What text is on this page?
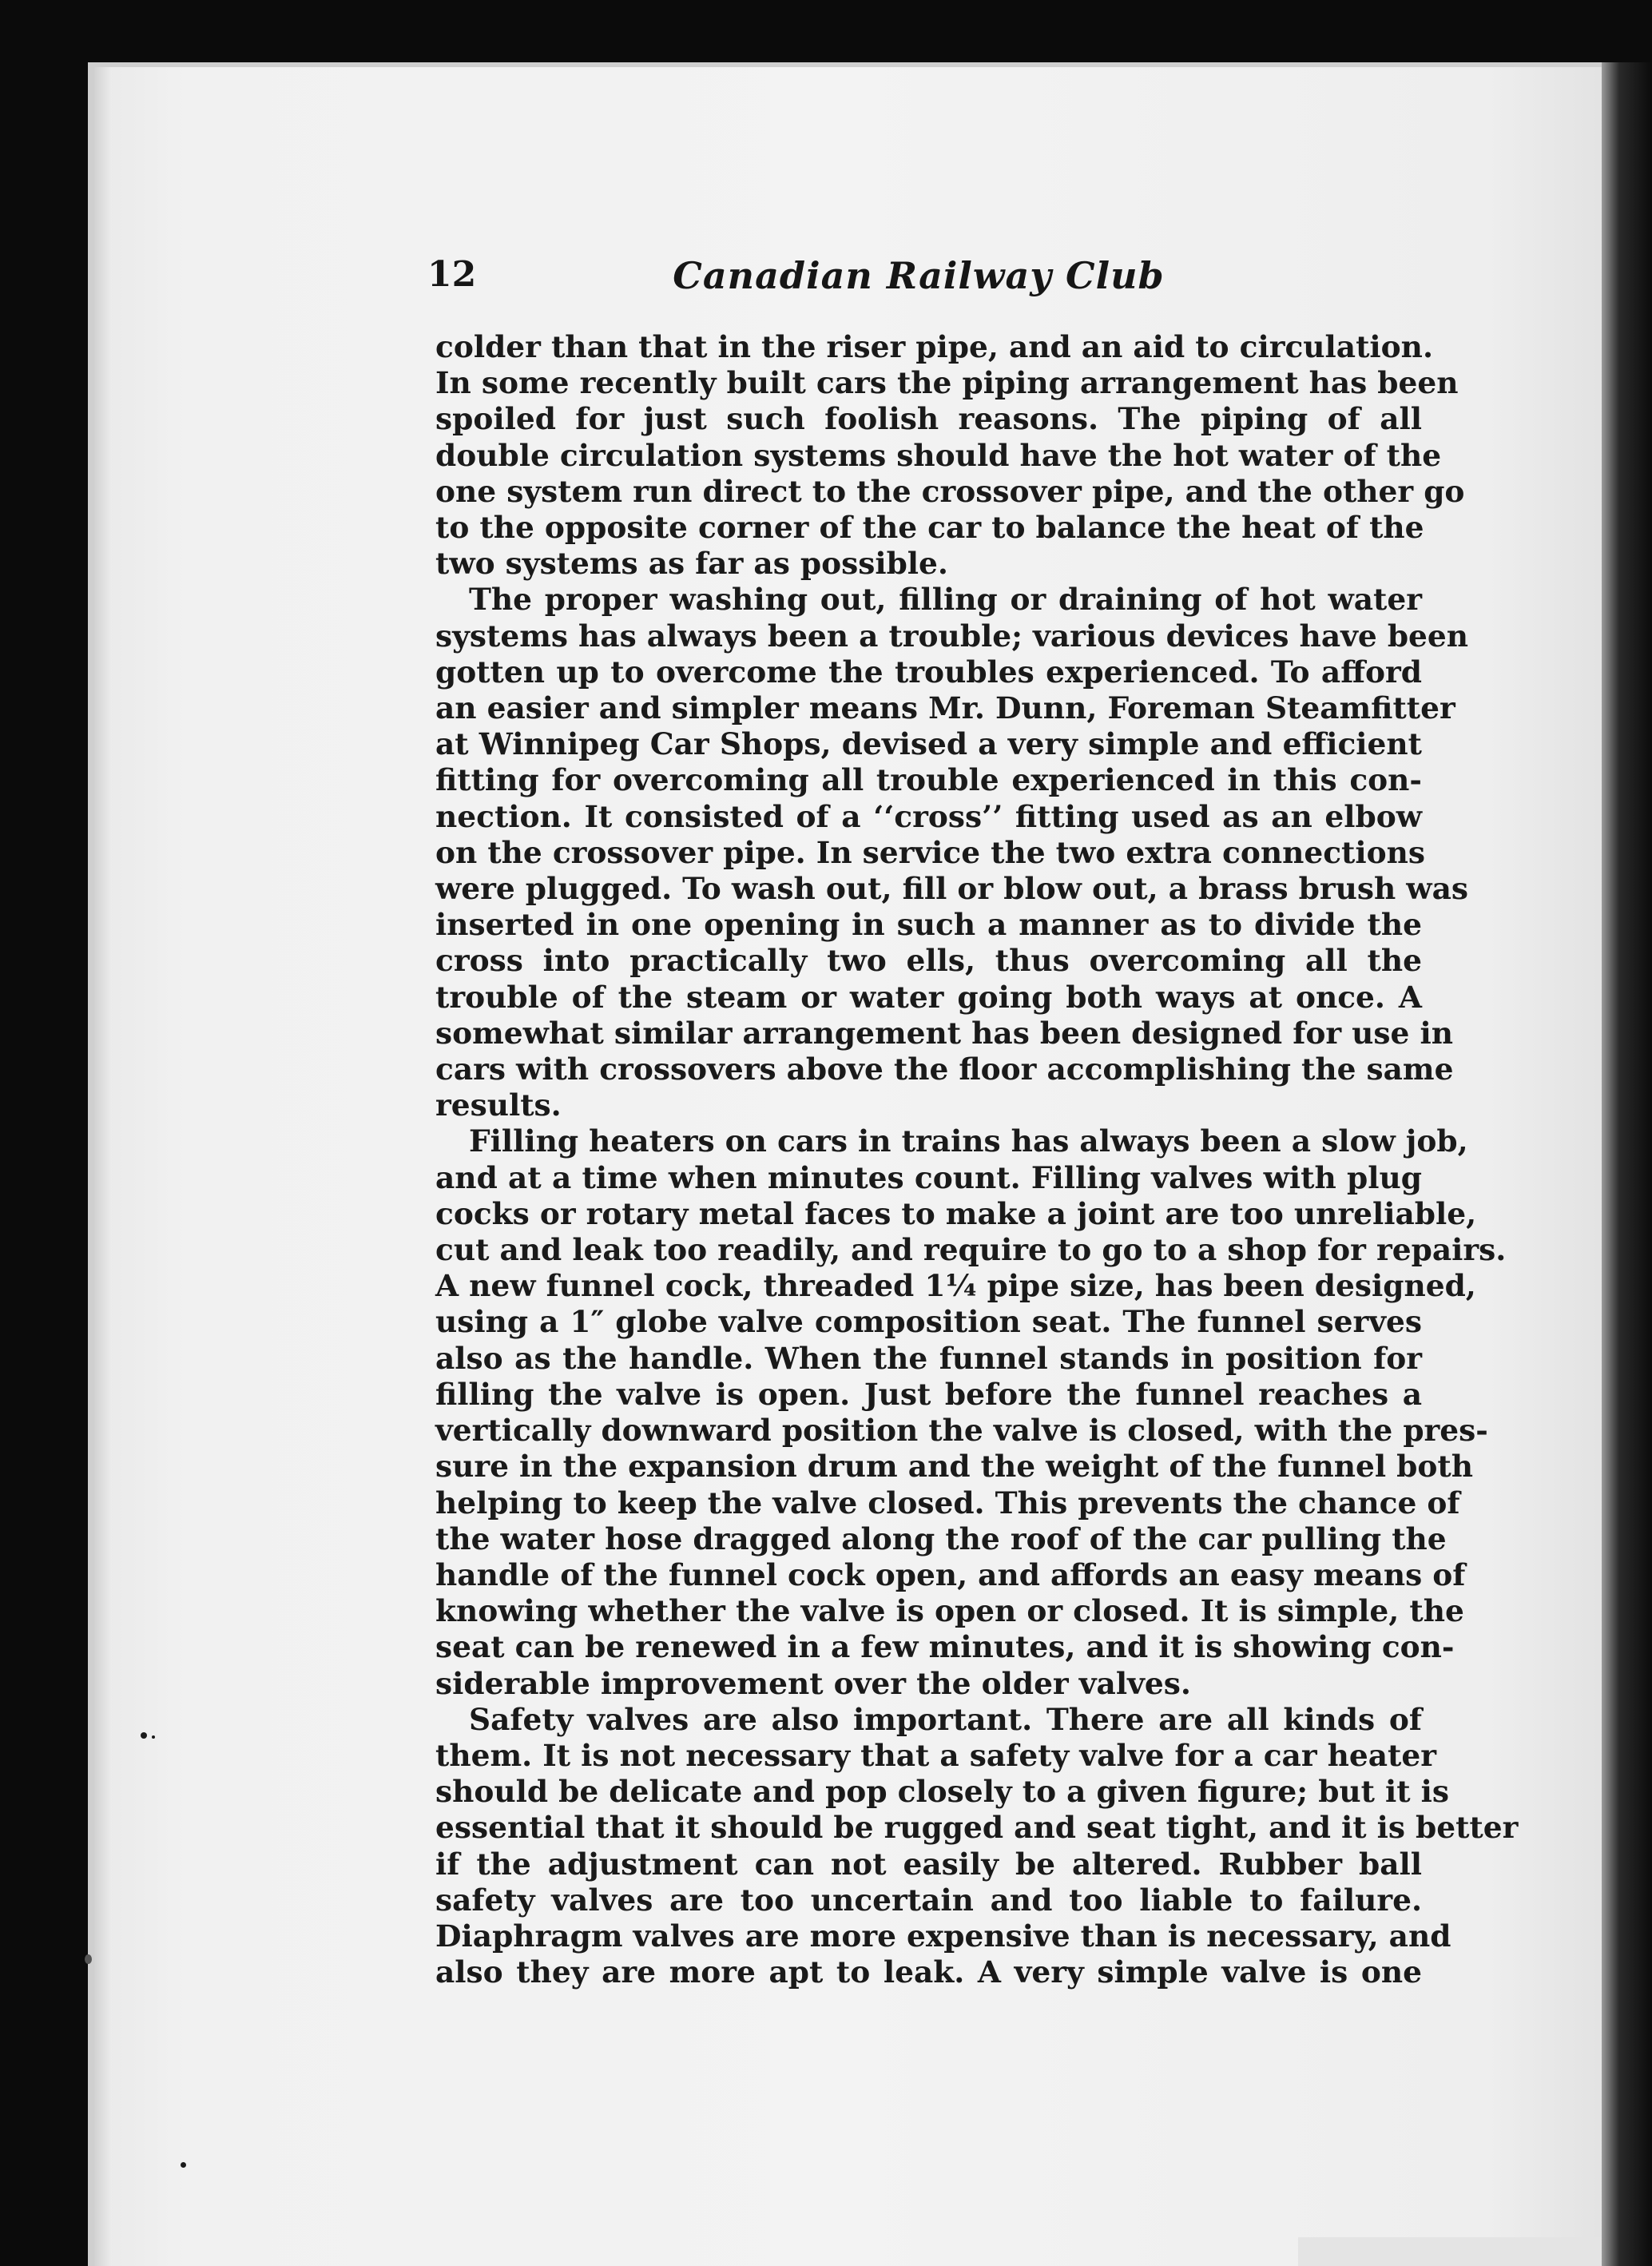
12	Canadian Railway Club
colder than that in the riser pipe, and an aid to circulation.
In some recently built cars the piping arrangement has been
spoiled for just such foolish reasons. The piping of all
double circulation systems should have the hot water of the
one system run direct to the crossover pipe, and the other go
to the opposite corner of the car to balance the heat of the
two systems as far as possible.
The proper washing out, filling or draining of hot water
systems has always been a trouble; various devices have been
gotten up to overcome the troubles experienced. To afford
an easier and simpler means Mr. Dunn, Foreman Steamfitter
at Winnipeg Car Shops, devised a very simple and efficient
fitting for overcoming all trouble experienced in this con-
nection. It consisted of a ‘‘cross’’ fitting used as an elbow
on the crossover pipe. In service the two extra connections
were plugged. To wash out, fill or blow out, a brass brush was
inserted in one opening in such a manner as to divide the
cross into practically two ells, thus overcoming all the
trouble of the steam or water going both ways at once. A
somewhat similar arrangement has been designed for use in
cars with crossovers above the floor accomplishing the same
results.
Filling heaters on cars in trains has always been a slow job,
and at a time when minutes count. Filling valves with plug
cocks or rotary metal faces to make a joint are too unreliable,
cut and leak too readily, and require to go to a shop for repairs.
A new funnel cock, threaded 1¼ pipe size, has been designed,
using a 1″ globe valve composition seat. The funnel serves
also as the handle. When the funnel stands in position for
filling the valve is open. Just before the funnel reaches a
vertically downward position the valve is closed, with the pres-
sure in the expansion drum and the weight of the funnel both
helping to keep the valve closed. This prevents the chance of
the water hose dragged along the roof of the car pulling the
handle of the funnel cock open, and affords an easy means of
knowing whether the valve is open or closed. It is simple, the
seat can be renewed in a few minutes, and it is showing con-
siderable improvement over the older valves.
Safety valves are also important. There are all kinds of
them. It is not necessary that a safety valve for a car heater
should be delicate and pop closely to a given figure; but it is
essential that it should be rugged and seat tight, and it is better
if the adjustment can not easily be altered. Rubber ball
safety valves are too uncertain and too liable to failure.
Diaphragm valves are more expensive than is necessary, and
also they are more apt to leak. A very simple valve is one
